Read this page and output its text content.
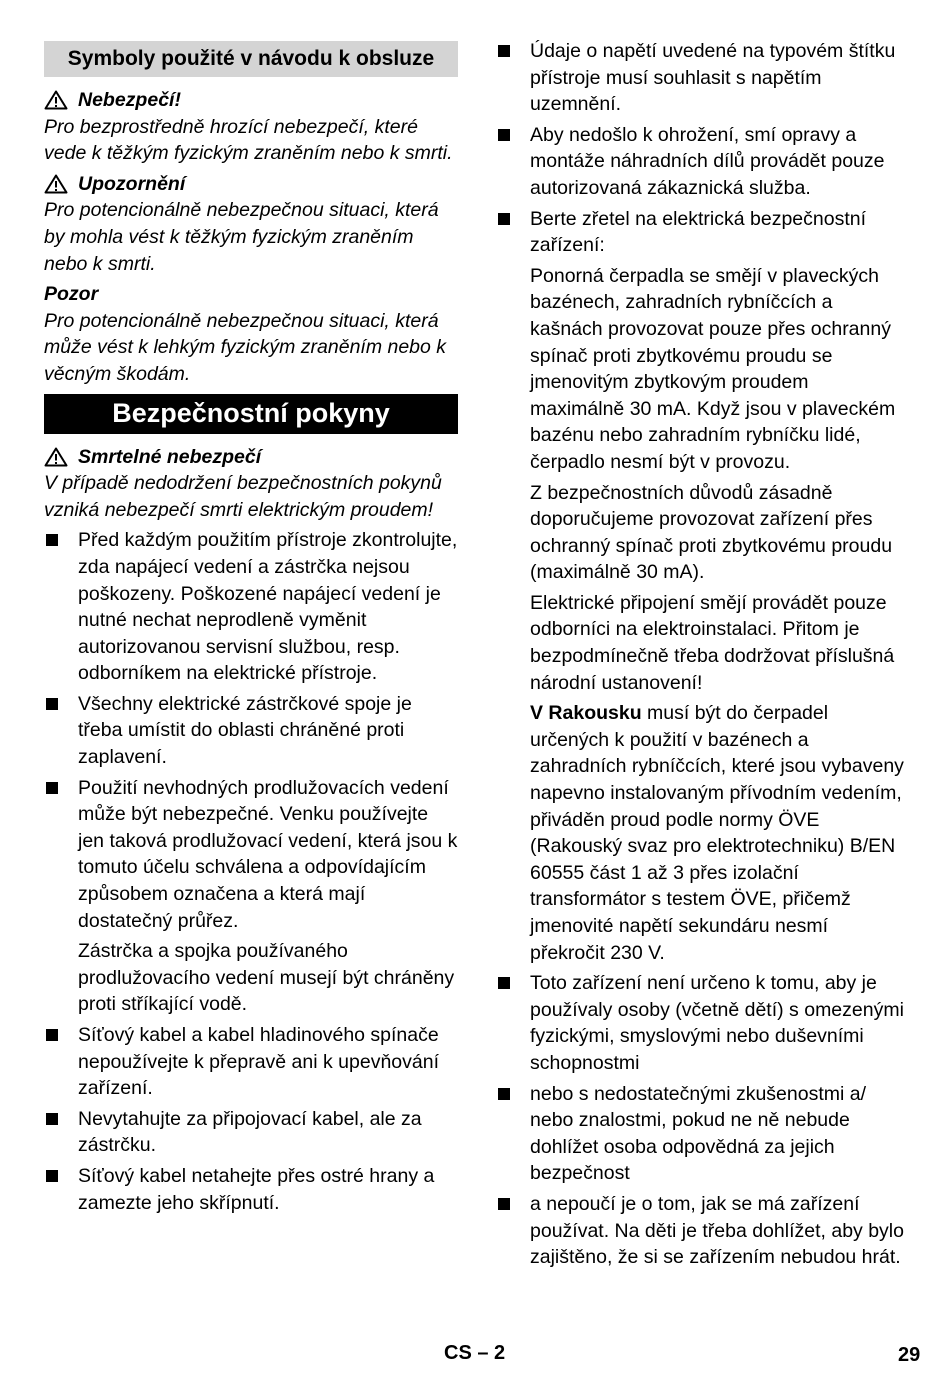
Symboly použité v návodu k obsluze
Nebezpečí!
Pro bezprostředně hrozící nebezpečí, které vede k těžkým fyzickým zraněním nebo k smrti.
Upozornění
Pro potencionálně nebezpečnou situaci, která by mohla vést k těžkým fyzickým zraněním nebo k smrti.
Pozor
Pro potencionálně nebezpečnou situaci, která může vést k lehkým fyzickým zraněním nebo k věcným škodám.
Bezpečnostní pokyny
Smrtelné nebezpečí
V případě nedodržení bezpečnostních pokynů vzniká nebezpečí smrti elektrickým proudem!

Před každým použitím přístroje zkontrolujte, zda napájecí vedení a zástrčka nejsou poškozeny. Poškozené napájecí vedení je nutné nechat neprodleně vyměnit autorizovanou servisní službou, resp. odborníkem na elektrické přístroje.

Všechny elektrické zástrčkové spoje je třeba umístit do oblasti chráněné proti zaplavení.

Použití nevhodných prodlužovacích vedení může být nebezpečné. Venku používejte jen taková prodlužovací vedení, která jsou k tomuto účelu schválena a odpovídajícím způsobem označena a která mají dostatečný průřez.

Zástrčka a spojka používaného prodlužovacího vedení musejí být chráněny proti stříkající vodě.

Síťový kabel a kabel hladinového spínače nepoužívejte k přepravě ani k upevňování zařízení.

Nevytahujte za připojovací kabel, ale za zástrčku.

Síťový kabel netahejte přes ostré hrany a zamezte jeho skřípnutí.

Údaje o napětí uvedené na typovém štítku přístroje musí souhlasit s napětím uzemnění.

Aby nedošlo k ohrožení, smí opravy a montáže náhradních dílů provádět pouze autorizovaná zákaznická služba.

Berte zřetel na elektrická bezpečnostní zařízení:

Ponorná čerpadla se smějí v plaveckých bazénech, zahradních rybníčcích a kašnách provozovat pouze přes ochranný spínač proti zbytkovému proudu se jmenovitým zbytkovým proudem maximálně 30 mA. Když jsou v plaveckém bazénu nebo zahradním rybníčku lidé, čerpadlo nesmí být v provozu.

Z bezpečnostních důvodů zásadně doporučujeme provozovat zařízení přes ochranný spínač proti zbytkovému proudu (maximálně 30 mA).

Elektrické připojení smějí provádět pouze odborníci na elektroinstalaci. Přitom je bezpodmínečně třeba dodržovat příslušná národní ustanovení!

V Rakousku musí být do čerpadel určených k použití v bazénech a zahradních rybníčcích, které jsou vybaveny napevno instalovaným přívodním vedením, přiváděn proud podle normy ÖVE (Rakouský svaz pro elektrotechniku) B/EN 60555 část 1 až 3 přes izolační transformátor s testem ÖVE, přičemž jmenovité napětí sekundáru nesmí překročit 230 V.

Toto zařízení není určeno k tomu, aby je používaly osoby (včetně dětí) s omezenými fyzickými, smyslovými nebo duševními schopnostmi

nebo s nedostatečnými zkušenostmi a/ nebo znalostmi, pokud ne ně nebude dohlížet osoba odpovědná za jejich bezpečnost

a nepoučí je o tom, jak se má zařízení používat. Na děti je třeba dohlížet, aby bylo zajištěno, že si se zařízením nebudou hrát.

CS – 2	29
